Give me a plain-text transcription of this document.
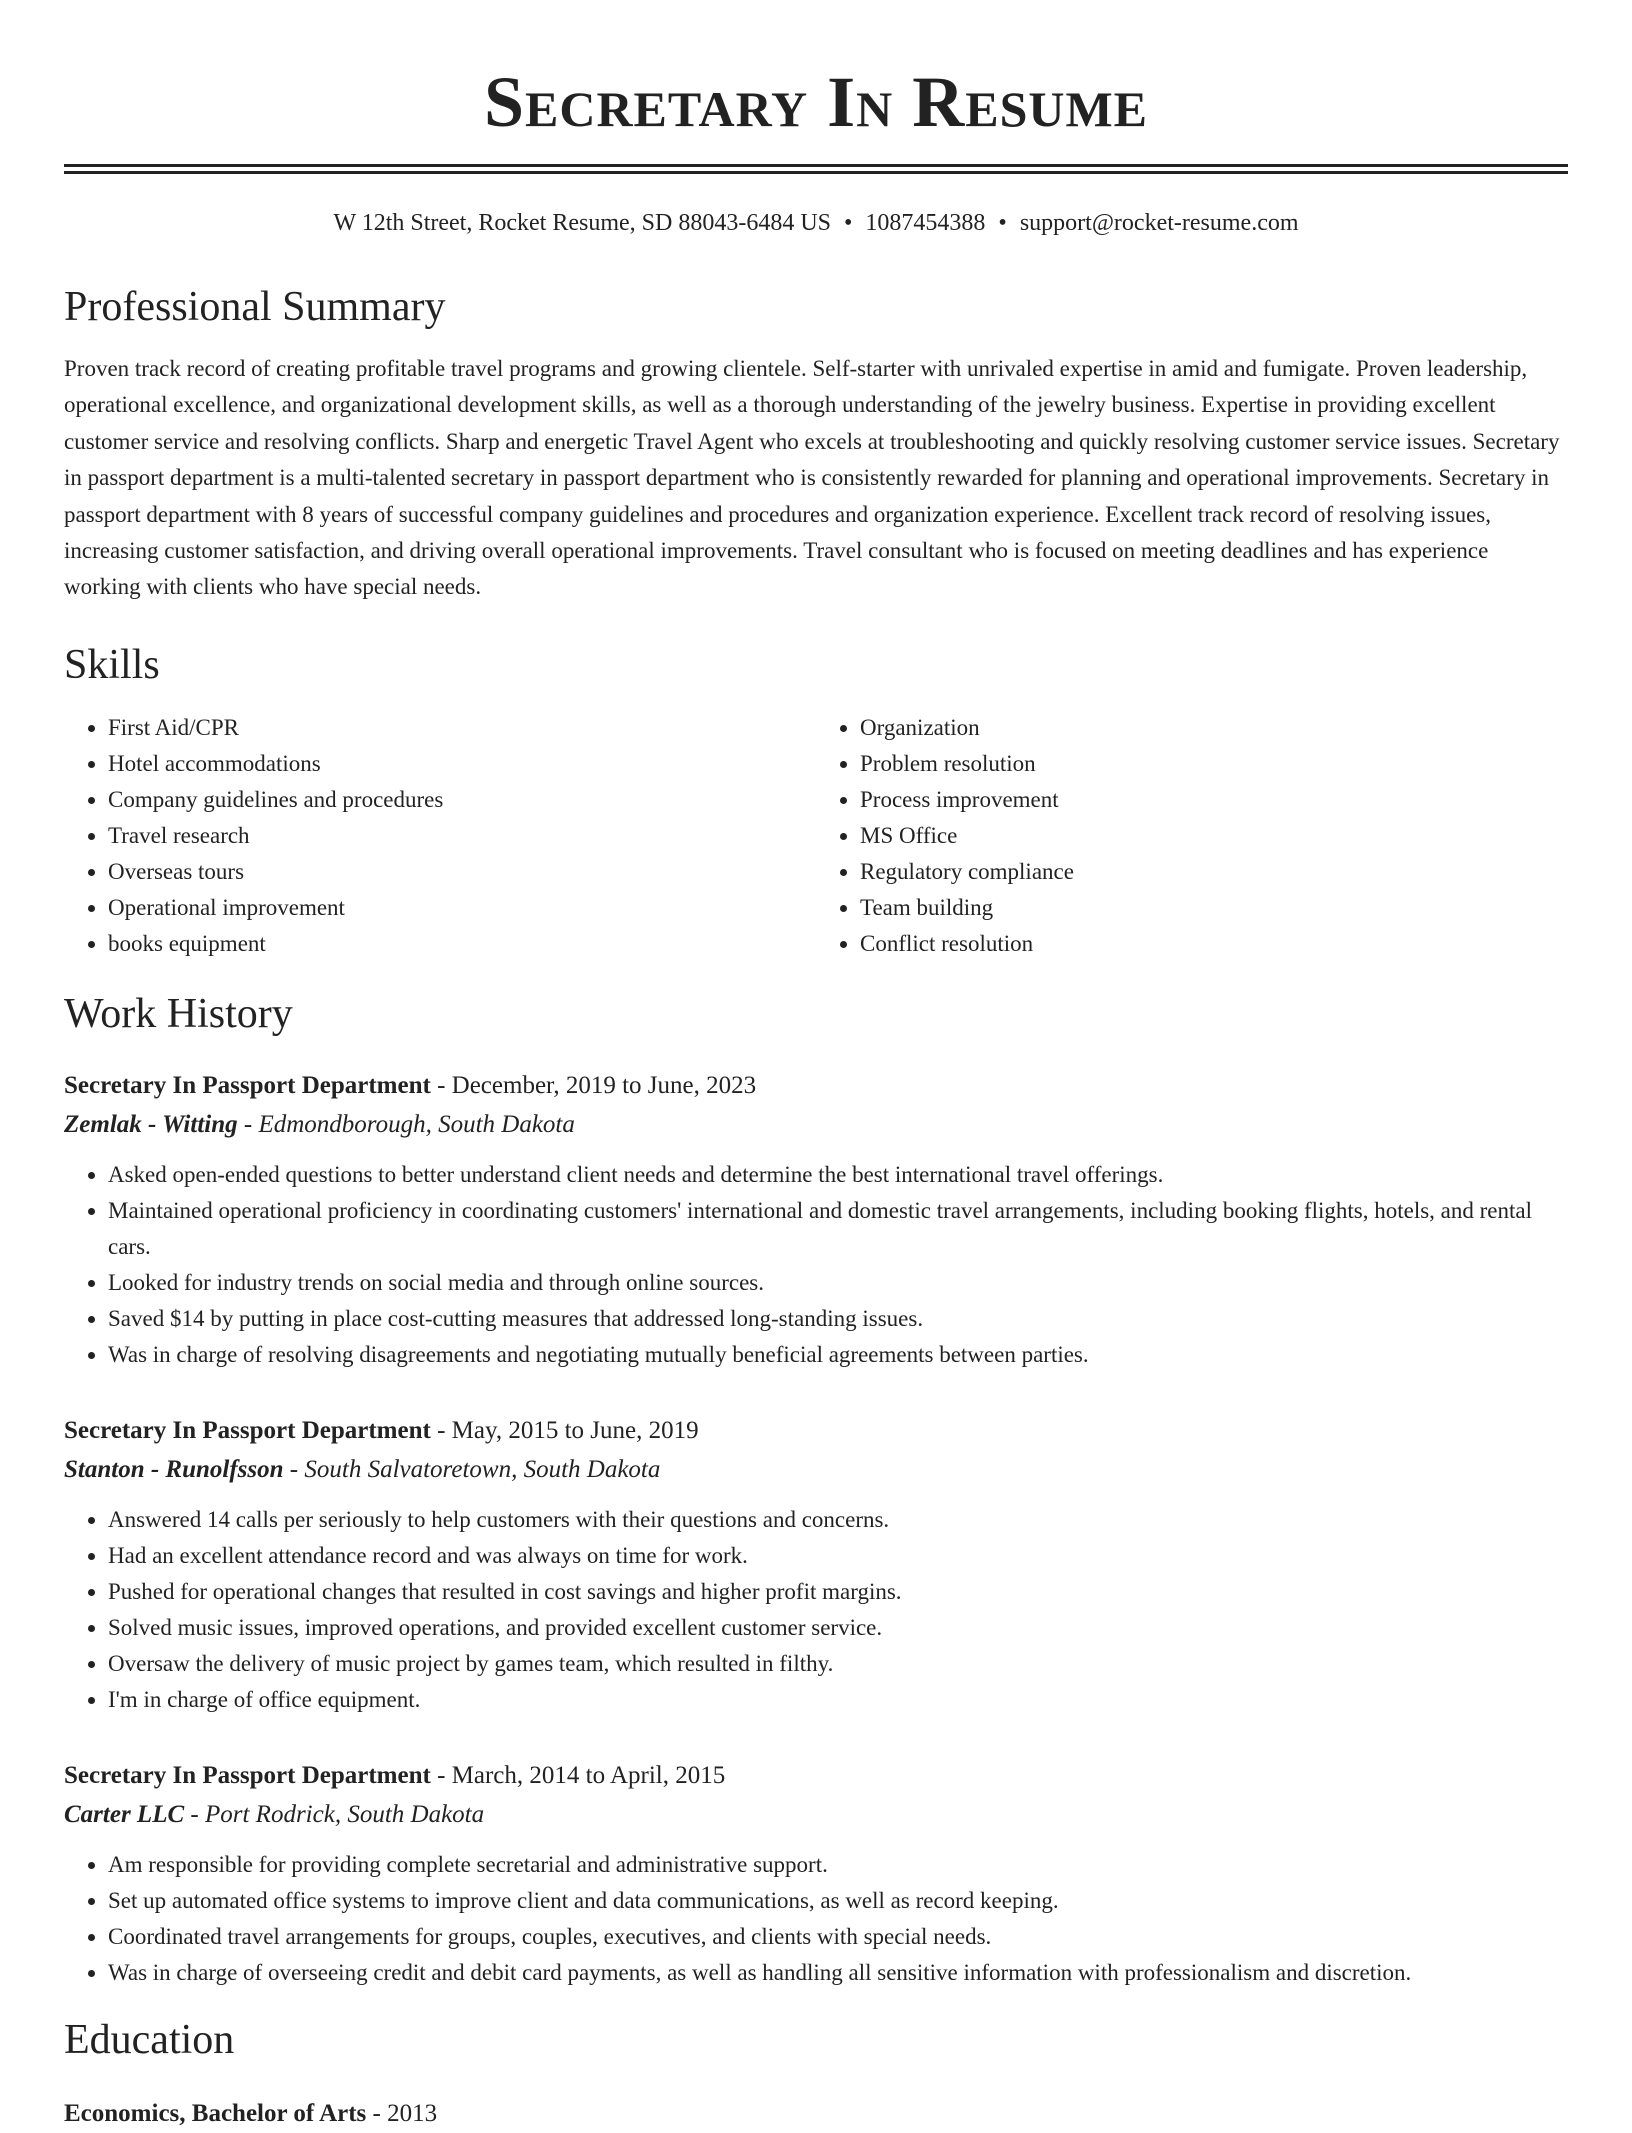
Secretary In Resume
W 12th Street, Rocket Resume, SD 88043-6484 US • 1087454388 • support@rocket-resume.com
Professional Summary

Proven track record of creating profitable travel programs and growing clientele. Self-starter with unrivaled expertise in amid and fumigate. Proven leadership, operational excellence, and organizational development skills, as well as a thorough understanding of the jewelry business. Expertise in providing excellent customer service and resolving conflicts. Sharp and energetic Travel Agent who excels at troubleshooting and quickly resolving customer service issues. Secretary in passport department is a multi-talented secretary in passport department who is consistently rewarded for planning and operational improvements. Secretary in passport department with 8 years of successful company guidelines and procedures and organization experience. Excellent track record of resolving issues, increasing customer satisfaction, and driving overall operational improvements. Travel consultant who is focused on meeting deadlines and has experience working with clients who have special needs.

Skills
• First Aid/CPR
• Hotel accommodations
• Company guidelines and procedures
• Travel research
• Overseas tours
• Operational improvement
• books equipment
• Organization
• Problem resolution
• Process improvement
• MS Office
• Regulatory compliance
• Team building
• Conflict resolution
Work History
Secretary In Passport Department - December, 2019 to June, 2023
Zemlak - Witting - Edmondborough, South Dakota
• Asked open-ended questions to better understand client needs and determine the best international travel offerings.
• Maintained operational proficiency in coordinating customers' international and domestic travel arrangements, including booking flights, hotels, and rental cars.
• Looked for industry trends on social media and through online sources.
• Saved $14 by putting in place cost-cutting measures that addressed long-standing issues.
• Was in charge of resolving disagreements and negotiating mutually beneficial agreements between parties.
Secretary In Passport Department - May, 2015 to June, 2019
Stanton - Runolfsson - South Salvatoretown, South Dakota
• Answered 14 calls per seriously to help customers with their questions and concerns.
• Had an excellent attendance record and was always on time for work.
• Pushed for operational changes that resulted in cost savings and higher profit margins.
• Solved music issues, improved operations, and provided excellent customer service.
• Oversaw the delivery of music project by games team, which resulted in filthy.
• I'm in charge of office equipment.
Secretary In Passport Department - March, 2014 to April, 2015
Carter LLC - Port Rodrick, South Dakota
• Am responsible for providing complete secretarial and administrative support.
• Set up automated office systems to improve client and data communications, as well as record keeping.
• Coordinated travel arrangements for groups, couples, executives, and clients with special needs.
• Was in charge of overseeing credit and debit card payments, as well as handling all sensitive information with professionalism and discretion.
Education
Economics, Bachelor of Arts - 2013
